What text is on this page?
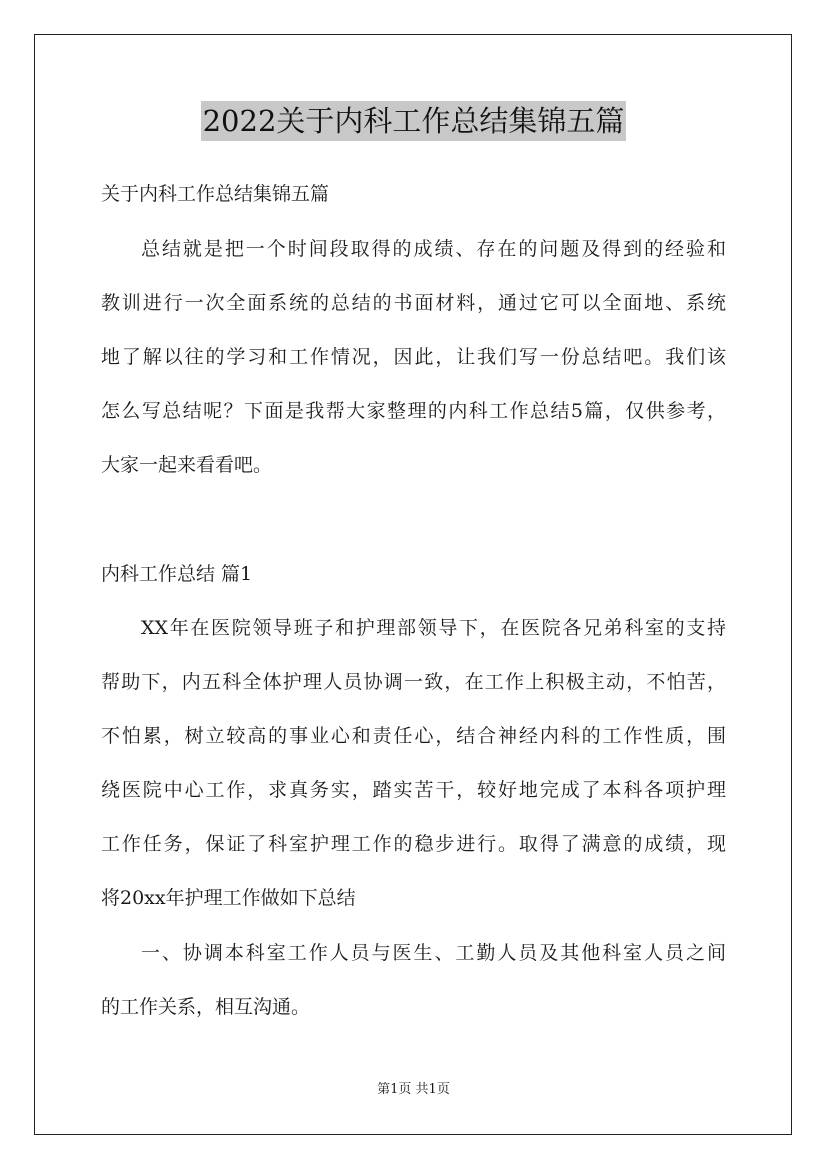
2022关于内科工作总结集锦五篇
关于内科工作总结集锦五篇
总结就是把一个时间段取得的成绩、存在的问题及得到的经验和
教训进行一次全面系统的总结的书面材料，通过它可以全面地、系统
地了解以往的学习和工作情况，因此，让我们写一份总结吧。我们该
怎么写总结呢？下面是我帮大家整理的内科工作总结5篇，仅供参考，
大家一起来看看吧。
内科工作总结 篇1
XX年在医院领导班子和护理部领导下，在医院各兄弟科室的支持
帮助下，内五科全体护理人员协调一致，在工作上积极主动，不怕苦，
不怕累，树立较高的事业心和责任心，结合神经内科的工作性质，围
绕医院中心工作，求真务实，踏实苦干，较好地完成了本科各项护理
工作任务，保证了科室护理工作的稳步进行。取得了满意的成绩，现
将20xx年护理工作做如下总结
一、协调本科室工作人员与医生、工勤人员及其他科室人员之间
的工作关系，相互沟通。
第1页 共1页
